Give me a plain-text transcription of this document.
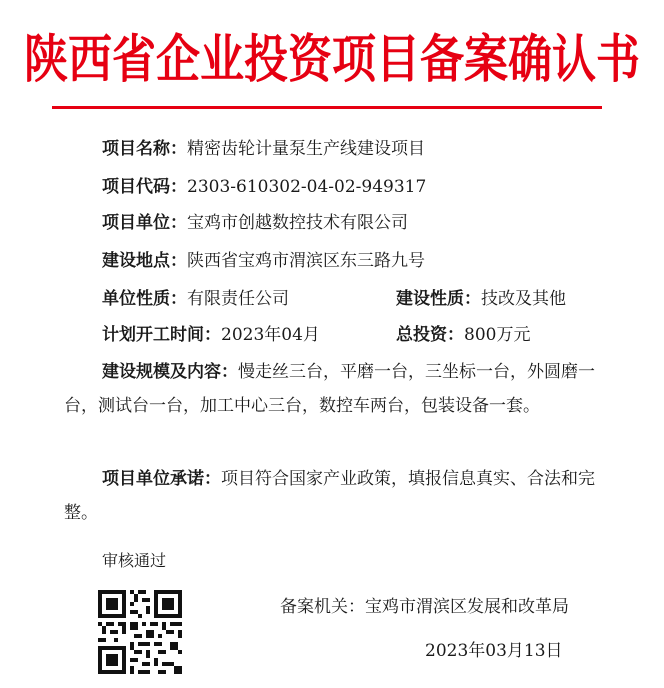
陕西省企业投资项目备案确认书
项目名称：精密齿轮计量泵生产线建设项目
项目代码：2303-610302-04-02-949317
项目单位：宝鸡市创越数控技术有限公司
建设地点：陕西省宝鸡市渭滨区东三路九号
单位性质：有限责任公司	建设性质：技改及其他
计划开工时间：2023年04月	总投资：800万元
建设规模及内容：慢走丝三台，平磨一台，三坐标一台，外圆磨一台，测试台一台，加工中心三台，数控车两台，包装设备一套。
项目单位承诺：项目符合国家产业政策，填报信息真实、合法和完整。
审核通过
备案机关：宝鸡市渭滨区发展和改革局
2023年03月13日
